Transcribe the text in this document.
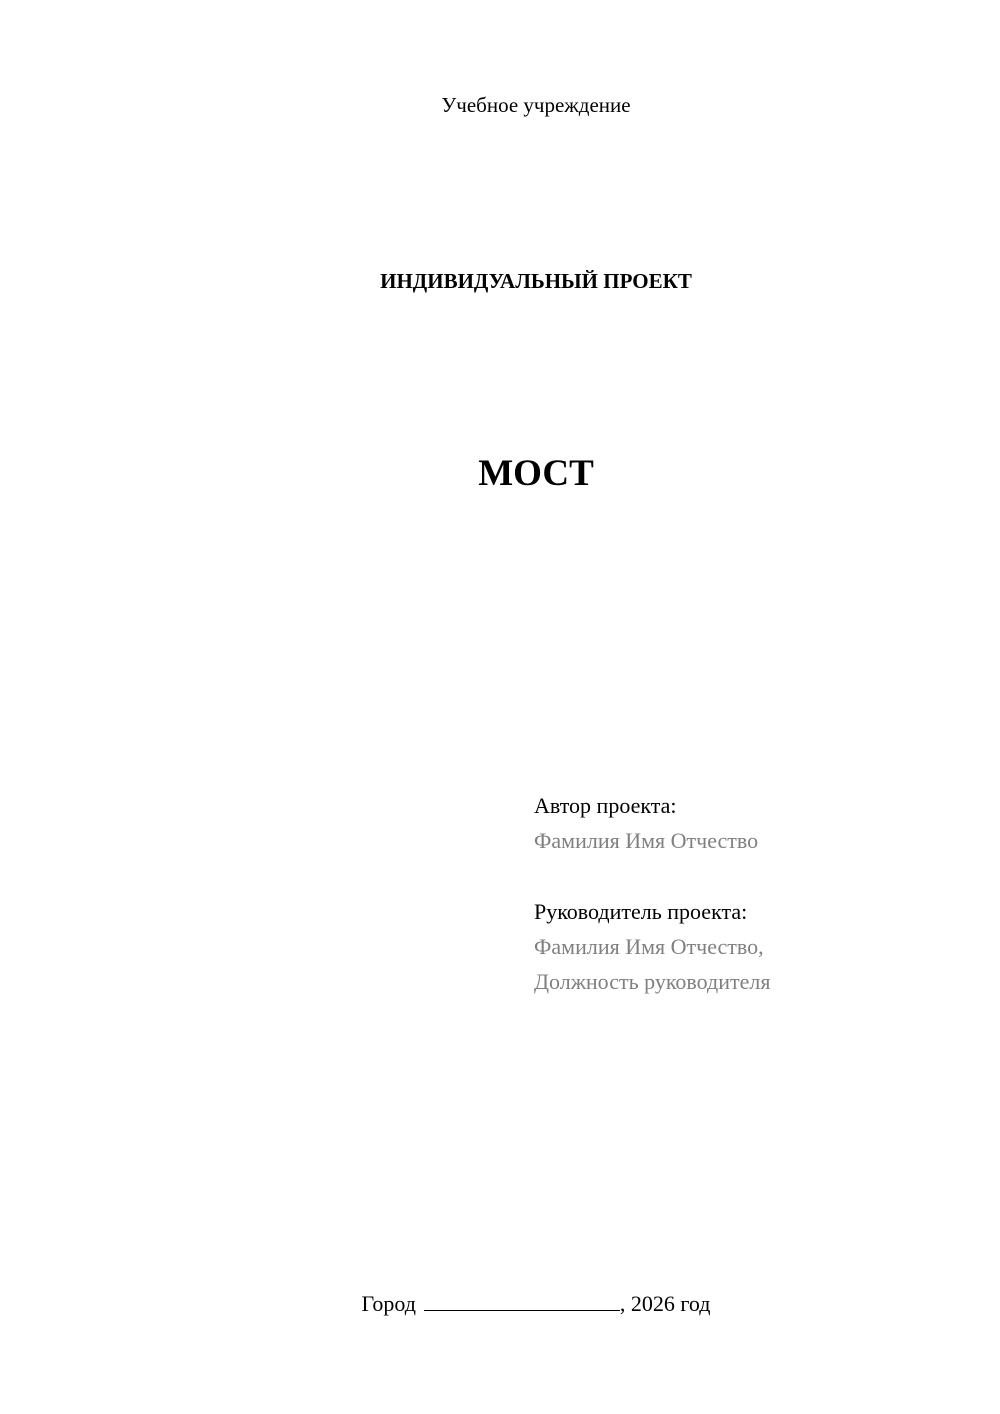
Учебное учреждение
ИНДИВИДУАЛЬНЫЙ ПРОЕКТ
МОСТ
Автор проекта:
Фамилия Имя Отчество
Руководитель проекта:
Фамилия Имя Отчество,
Должность руководителя
Город	, 2026 год
